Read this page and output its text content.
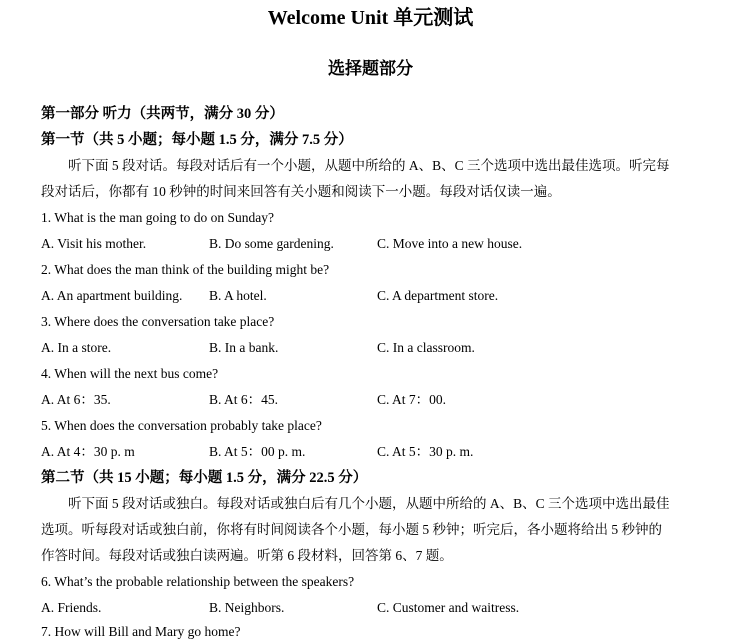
Welcome Unit 单元测试
选择题部分
第一部分 听力（共两节，满分 30 分）
第一节（共 5 小题；每小题 1.5 分，满分 7.5 分）
听下面 5 段对话。每段对话后有一个小题，从题中所给的 A、B、C 三个选项中选出最佳选项。听完每
段对话后，你都有 10 秒钟的时间来回答有关小题和阅读下一小题。每段对话仅读一遍。
1. What is the man going to do on Sunday?
A. Visit his mother.	B. Do some gardening.	C. Move into a new house.
2. What does the man think of the building might be?
A. An apartment building. B. A hotel.	C. A department store.
3. Where does the conversation take place?
A. In a store.	B. In a bank.	C. In a classroom.
4. When will the next bus come?
A. At 6：35.	B. At 6：45.	C. At 7：00.
5. When does the conversation probably take place?
A. At 4：30 p. m	B. At 5：00 p. m.	C. At 5：30 p. m.
第二节（共 15 小题；每小题 1.5 分，满分 22.5 分）
听下面 5 段对话或独白。每段对话或独白后有几个小题，从题中所给的 A、B、C 三个选项中选出最佳
选项。听每段对话或独白前，你将有时间阅读各个小题，每小题 5 秒钟；听完后，各小题将给出 5 秒钟的
作答时间。每段对话或独白读两遍。听第 6 段材料，回答第 6、7 题。
6. What’s the probable relationship between the speakers?
A. Friends.	B. Neighbors.	C. Customer and waitress.
7. How will Bill and Mary go home?
